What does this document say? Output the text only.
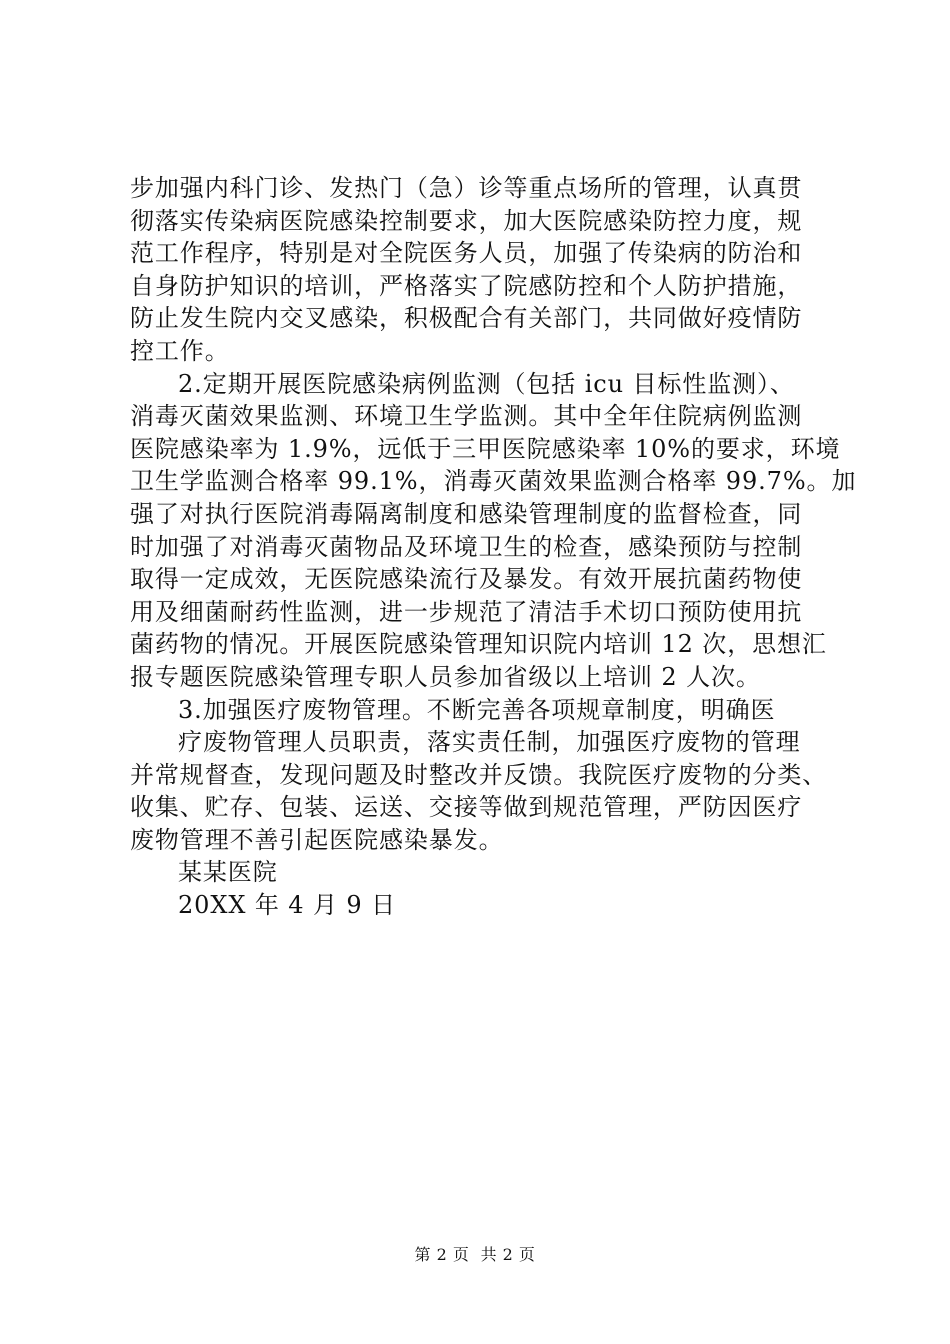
步加强内科门诊、发热门（急）诊等重点场所的管理，认真贯
彻落实传染病医院感染控制要求，加大医院感染防控力度，规
范工作程序，特别是对全院医务人员，加强了传染病的防治和
自身防护知识的培训，严格落实了院感防控和个人防护措施，
防止发生院内交叉感染，积极配合有关部门，共同做好疫情防
控工作。
2.定期开展医院感染病例监测（包括 icu 目标性监测）、
消毒灭菌效果监测、环境卫生学监测。其中全年住院病例监测
医院感染率为 1.9%，远低于三甲医院感染率 10%的要求，环境
卫生学监测合格率 99.1%，消毒灭菌效果监测合格率 99.7%。加
强了对执行医院消毒隔离制度和感染管理制度的监督检查，同
时加强了对消毒灭菌物品及环境卫生的检查，感染预防与控制
取得一定成效，无医院感染流行及暴发。有效开展抗菌药物使
用及细菌耐药性监测，进一步规范了清洁手术切口预防使用抗
菌药物的情况。开展医院感染管理知识院内培训 12 次，思想汇
报专题医院感染管理专职人员参加省级以上培训 2 人次。
3.加强医疗废物管理。不断完善各项规章制度，明确医
疗废物管理人员职责，落实责任制，加强医疗废物的管理
并常规督查，发现问题及时整改并反馈。我院医疗废物的分类、
收集、贮存、包装、运送、交接等做到规范管理，严防因医疗
废物管理不善引起医院感染暴发。
某某医院
20XX 年 4 月 9 日
第 2 页  共 2 页
